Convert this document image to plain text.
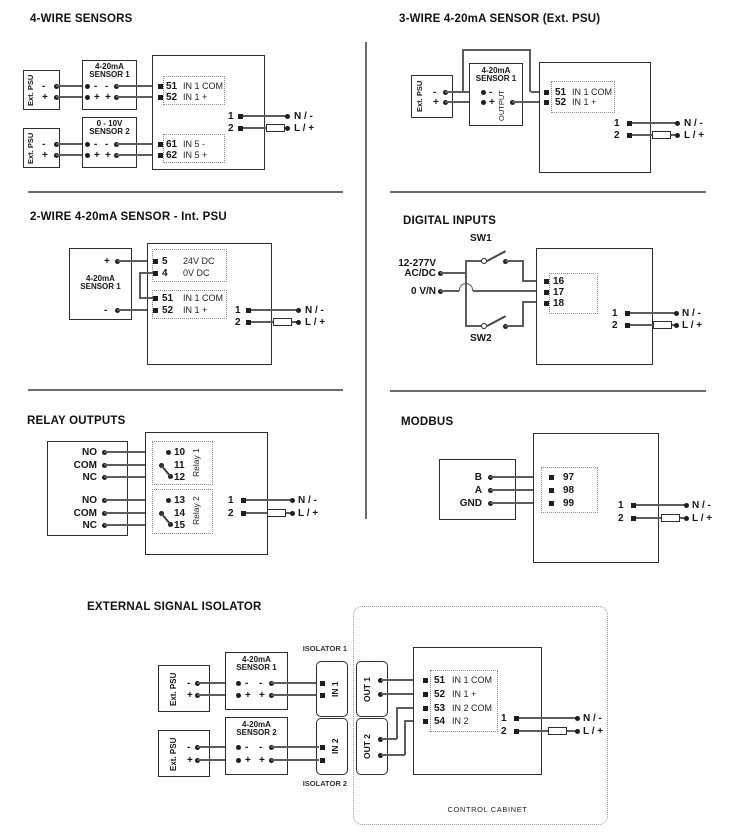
4-WIRE SENSORS
Ext. PSU -
+
4-20mA
SENSOR 1
- -
+ +
Ext. PSU -
+
0 - 10V
SENSOR 2
- -
+ +
51 IN 1 COM
52 IN 1 +
61 IN 5 -
62 IN 5 +
1	N / -
2	L / +
3-WIRE 4-20mA SENSOR (Ext. PSU)
Ext. PSU -
+
4-20mA
SENSOR 1
-
+ OUTPUT	51 IN 1 COM
52 IN 1 +
1	N / -
2	L / +
2-WIRE 4-20mA SENSOR - Int. PSU
4-20mA
SENSOR 1
+
-
5 24V DC
4 0V DC
51 IN 1 COM
52 IN 1 +	1	N / -
2	L / +
DIGITAL INPUTS
12-277V
AC/DC
0 V/N
SW1
SW2
16
17
18
1	N / -
2	L / +
RELAY OUTPUTS
NO
COM
NC
NO
COM
NC
10
11
12
Relay 1
13
14
15
Relay 2	1	N / -
2	L / +
MODBUS
B
A
GND
97
98
99	1	N / -
2	L / +
EXTERNAL SIGNAL ISOLATOR
CONTROL CABINET
Ext. PSU -
+
4-20mA
SENSOR 1
- -
+ +
ISOLATOR 1
IN 1
IN 2
ISOLATOR 2
OUT 1
OUT 2
Ext. PSU -
+
4-20mA
SENSOR 2
- -
+ +
51 IN 1 COM
52 IN 1 +
53 IN 2 COM
54 IN 2	1	N / -
2	L / +
